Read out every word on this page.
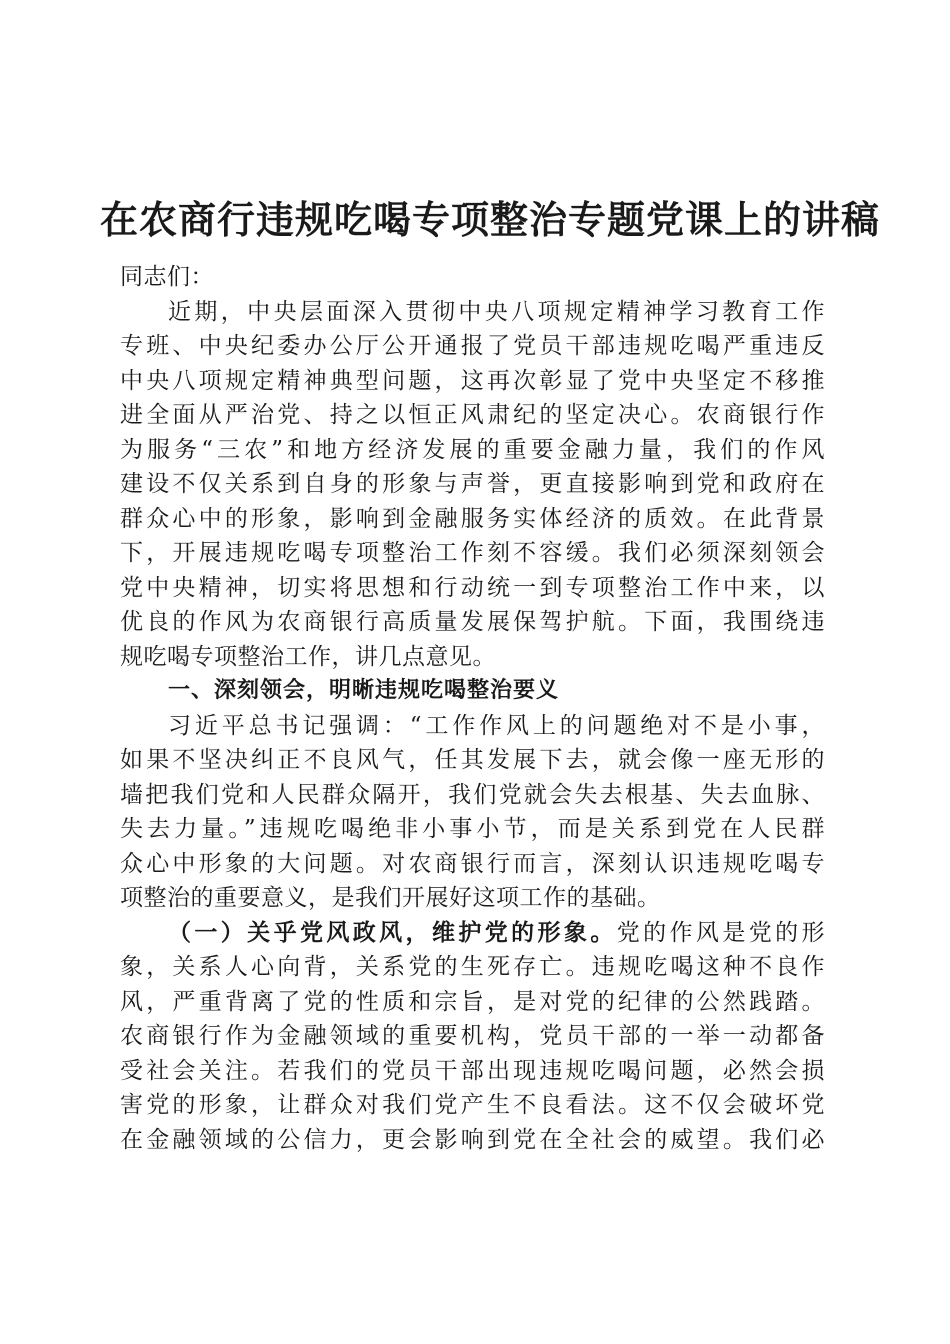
在农商行违规吃喝专项整治专题党课上的讲稿
同志们：
近期，中央层面深入贯彻中央八项规定精神学习教育工作
专班、中央纪委办公厅公开通报了党员干部违规吃喝严重违反
中央八项规定精神典型问题，这再次彰显了党中央坚定不移推
进全面从严治党、持之以恒正风肃纪的坚定决心。农商银行作
为服务“三农”和地方经济发展的重要金融力量，我们的作风
建设不仅关系到自身的形象与声誉，更直接影响到党和政府在
群众心中的形象，影响到金融服务实体经济的质效。在此背景
下，开展违规吃喝专项整治工作刻不容缓。我们必须深刻领会
党中央精神，切实将思想和行动统一到专项整治工作中来，以
优良的作风为农商银行高质量发展保驾护航。下面，我围绕违
规吃喝专项整治工作，讲几点意见。
一、深刻领会，明晰违规吃喝整治要义
习近平总书记强调：“工作作风上的问题绝对不是小事，
如果不坚决纠正不良风气，任其发展下去，就会像一座无形的
墙把我们党和人民群众隔开，我们党就会失去根基、失去血脉、
失去力量。”违规吃喝绝非小事小节，而是关系到党在人民群
众心中形象的大问题。对农商银行而言，深刻认识违规吃喝专
项整治的重要意义，是我们开展好这项工作的基础。
（一）关乎党风政风，维护党的形象。党的作风是党的形
象，关系人心向背，关系党的生死存亡。违规吃喝这种不良作
风，严重背离了党的性质和宗旨，是对党的纪律的公然践踏。
农商银行作为金融领域的重要机构，党员干部的一举一动都备
受社会关注。若我们的党员干部出现违规吃喝问题，必然会损
害党的形象，让群众对我们党产生不良看法。这不仅会破坏党
在金融领域的公信力，更会影响到党在全社会的威望。我们必
